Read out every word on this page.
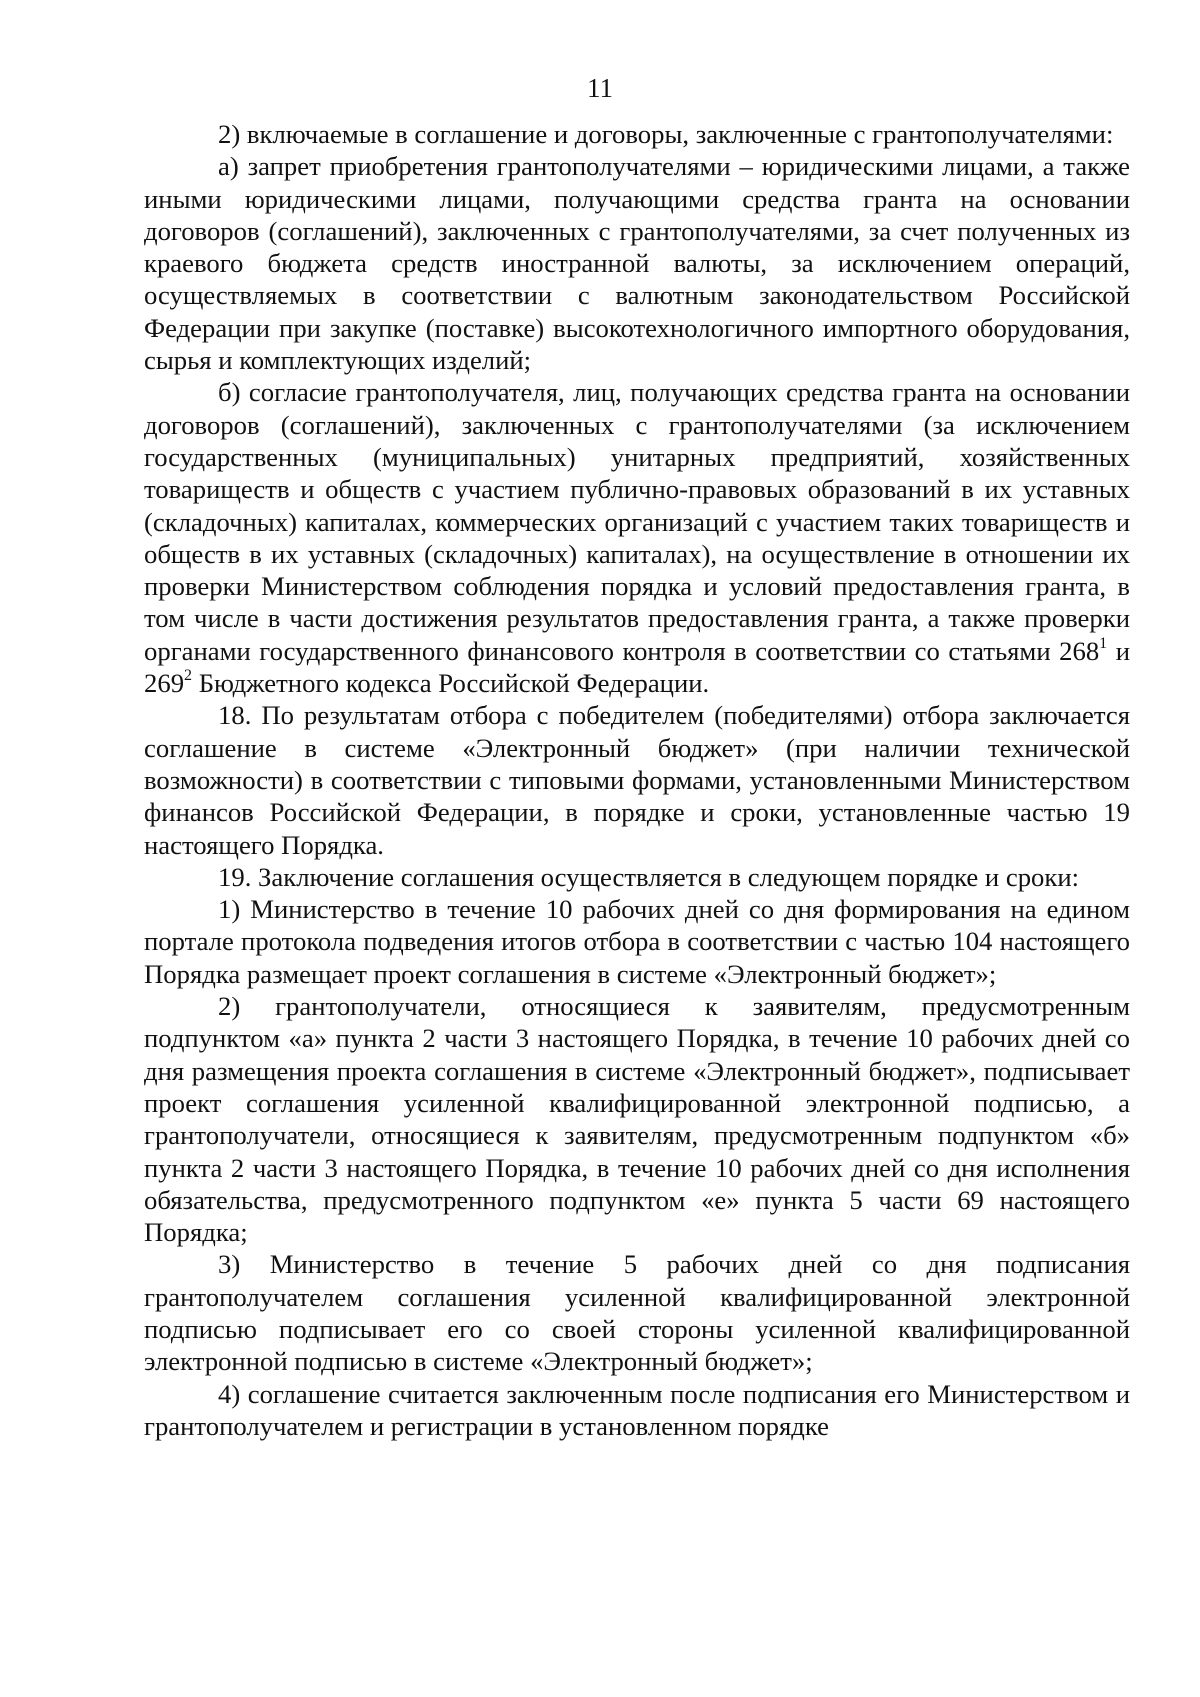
11

2) включаемые в соглашение и договоры, заключенные с грантополучателями:

а) запрет приобретения грантополучателями – юридическими лицами, а также иными юридическими лицами, получающими средства гранта на основании договоров (соглашений), заключенных с грантополучателями, за счет полученных из краевого бюджета средств иностранной валюты, за исключением операций, осуществляемых в соответствии с валютным законодательством Российской Федерации при закупке (поставке) высокотехнологичного импортного оборудования, сырья и комплектующих изделий;

б) согласие грантополучателя, лиц, получающих средства гранта на основании договоров (соглашений), заключенных с грантополучателями (за исключением государственных (муниципальных) унитарных предприятий, хозяйственных товариществ и обществ с участием публично-правовых образований в их уставных (складочных) капиталах, коммерческих организаций с участием таких товариществ и обществ в их уставных (складочных) капиталах), на осуществление в отношении их проверки Министерством соблюдения порядка и условий предоставления гранта, в том числе в части достижения результатов предоставления гранта, а также проверки органами государственного финансового контроля в соответствии со статьями $268^1$ и $269^2$ Бюджетного кодекса Российской Федерации.

18. По результатам отбора с победителем (победителями) отбора заключается соглашение в системе «Электронный бюджет» (при наличии технической возможности) в соответствии с типовыми формами, установленными Министерством финансов Российской Федерации, в порядке и сроки, установленные частью 19 настоящего Порядка.

19. Заключение соглашения осуществляется в следующем порядке и сроки:

1) Министерство в течение 10 рабочих дней со дня формирования на едином портале протокола подведения итогов отбора в соответствии с частью 104 настоящего Порядка размещает проект соглашения в системе «Электронный бюджет»;

2) грантополучатели, относящиеся к заявителям, предусмотренным подпунктом «а» пункта 2 части 3 настоящего Порядка, в течение 10 рабочих дней со дня размещения проекта соглашения в системе «Электронный бюджет», подписывает проект соглашения усиленной квалифицированной электронной подписью, а грантополучатели, относящиеся к заявителям, предусмотренным подпунктом «б» пункта 2 части 3 настоящего Порядка, в течение 10 рабочих дней со дня исполнения обязательства, предусмотренного подпунктом «е» пункта 5 части 69 настоящего Порядка;

3) Министерство в течение 5 рабочих дней со дня подписания грантополучателем соглашения усиленной квалифицированной электронной подписью подписывает его со своей стороны усиленной квалифицированной электронной подписью в системе «Электронный бюджет»;

4) соглашение считается заключенным после подписания его Министерством и грантополучателем и регистрации в установленном порядке
